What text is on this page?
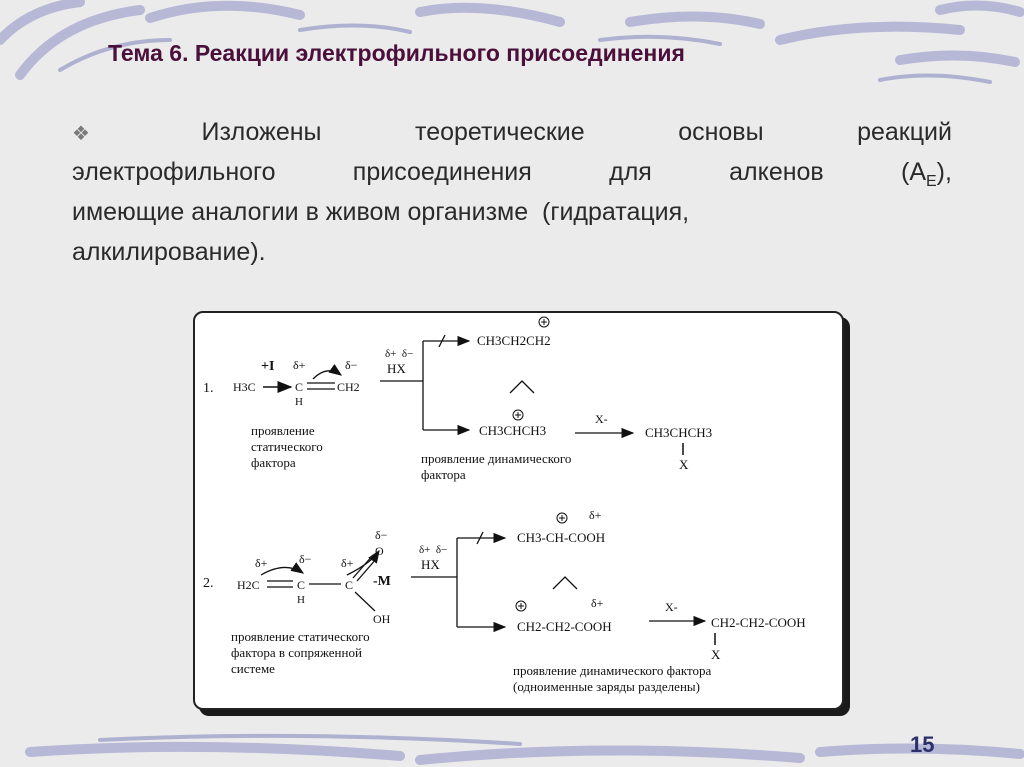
Тема 6. Реакции электрофильного присоединения
❖	Изложены	теоретические	основы	реакций
электрофильного	присоединения	для	алкенов	$(A_E)$,
имеющие аналогии в живом организме  (гидратация,
алкилирование).
1.
+I δ+	δ−
H3C	C
H
CH2
проявление
статического
фактора
δ+  δ−
HX
CH3CH2CH2
CH3CHCH3
X-
CH3CHCH3
X
проявление динамического
фактора
2.
δ+	δ− δ+
δ−
H2C	C
H
C
O
OH
-M
проявление статического
фактора в сопряженной
системе
δ+  δ−
HX
δ+
CH3-CH-COOH
δ+
CH2-CH2-COOH
X-
CH2-CH2-COOH
X
проявление динамического фактора
(одноименные заряды разделены)
15
